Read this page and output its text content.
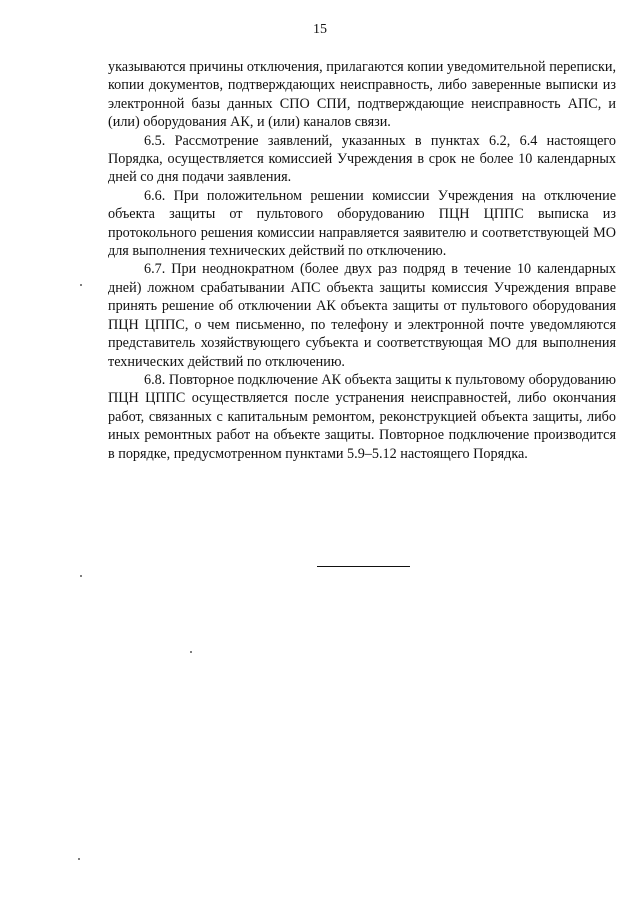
15

указываются причины отключения, прилагаются копии уведомительной переписки, копии документов, подтверждающих неисправность, либо заверенные выписки из электронной базы данных СПО СПИ, подтверждающие неисправность АПС, и (или) оборудования АК, и (или) каналов связи.

6.5. Рассмотрение заявлений, указанных в пунктах 6.2, 6.4 настоящего Порядка, осуществляется комиссией Учреждения в срок не более 10 календарных дней со дня подачи заявления.

6.6. При положительном решении комиссии Учреждения на отключение объекта защиты от пультового оборудованию ПЦН ЦППС выписка из протокольного решения комиссии направляется заявителю и соответствующей МО для выполнения технических действий по отключению.

6.7. При неоднократном (более двух раз подряд в течение 10 календарных дней) ложном срабатывании АПС объекта защиты комиссия Учреждения вправе принять решение об отключении АК объекта защиты от пультового оборудования ПЦН ЦППС, о чем письменно, по телефону и электронной почте уведомляются представитель хозяйствующего субъекта и соответствующая МО для выполнения технических действий по отключению.

6.8. Повторное подключение АК объекта защиты к пультовому оборудованию ПЦН ЦППС осуществляется после устранения неисправностей, либо окончания работ, связанных с капитальным ремонтом, реконструкцией объекта защиты, либо иных ремонтных работ на объекте защиты. Повторное подключение производится в порядке, предусмотренном пунктами 5.9–5.12 настоящего Порядка.
